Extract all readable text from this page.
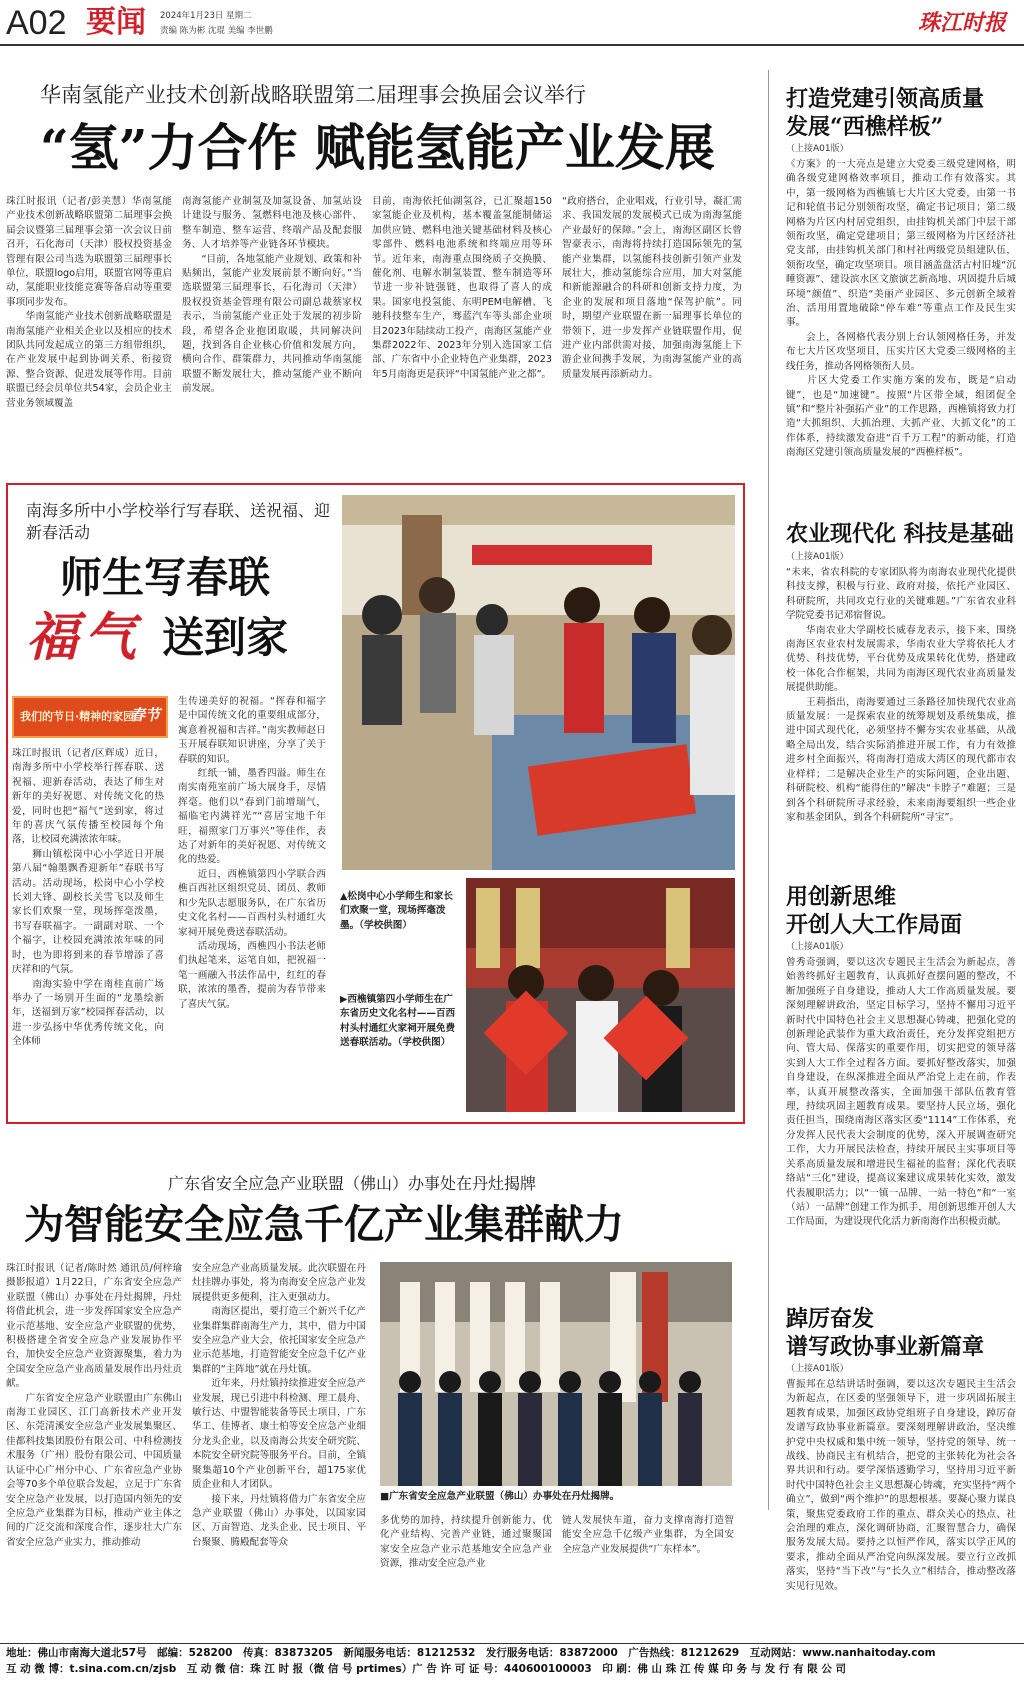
A02 要闻 2024年1月23日 星期二
责编 陈为彬 沈琨 美编 李世鹏	珠江时报
华南氢能产业技术创新战略联盟第二届理事会换届会议举行
“氢”力合作 赋能氢能产业发展
珠江时报讯（记者/彭美慧）华南氢能产业技术创新战略联盟第二届理事会换届会议暨第三届理事会第一次会议日前召开，石化海司（天津）股权投资基金管理有限公司当选为联盟第三届理事长单位，联盟logo启用，联盟官网等重启动，氢能职业技能竞赛等备启动等重要事项同步发布。
　　华南氢能产业技术创新战略联盟是南海氢能产业相关企业以及相应的技术团队共同发起成立的第三方组带组织，在产业发展中起到协调关系、衔接资源、整合资源、促进发展等作用。目前联盟已经会员单位共54家，会员企业主营业务领域覆盖
南海氢能产业制氢及加氢设备、加氢站设计建设与服务、氢燃料电池及核心部件、整车制造、整车运营、终端产品及配套服务、人才培养等产业链各环节模块。
　　“目前，各地氢能产业规划、政策和补贴频出，氢能产业发展前景不断向好。”当选联盟第三届理事长，石化海司（天津）股权投资基金管理有限公司副总裁蔡家权表示，当前氢能产业正处于发展的初步阶段，希望各企业抱团取暖，共同解决问题，找到各自企业核心价值和发展方向，横向合作、群策群力，共同推动华南氢能联盟不断发展壮大，推动氢能产业不断向前发展。
目前，南海依托仙湖氢谷，已汇聚超150家氢能企业及机构，基本覆盖氢能制储运加供应链、燃料电池关键基础材料及核心零部件、燃料电池系统和终端应用等环节。近年来，南海重点围绕质子交换膜、催化剂、电解水制氢装置、整车制造等环节进一步补链强链，也取得了喜人的成果。国家电投氢能、东明PEM电解槽、飞驰科技整车生产，骞蓝汽车等头部企业项目2023年陆续动工投产，南海区氢能产业集群2022年、2023年分别入选国家工信部、广东省中小企业特色产业集群，2023年5月南海更是获评“中国氢能产业之都”。
“政府搭台，企业唱戏，行业引导，凝汇需求、我国发展的发展模式已成为南海氢能产业最好的保障。”会上，南海区副区长曾智豪表示，南海将持续打造国际领先的氢能产业集群，以氢能科技创新引领产业发展壮大，推动氢能综合应用，加大对氢能和新能源融合的科研和创新支持力度，为企业的发展和项目落地“保驾护航”。同时，期望产业联盟在新一届理事长单位的带领下，进一步发挥产业链联盟作用，促进产业内部供需对接，加强南海氢能上下游企业间携手发展，为南海氢能产业的高质量发展再添新动力。
南海多所中小学校举行写春联、送祝福、迎新春活动
师生写春联
福气 送到家
我们的节日·精神的家园
春节
珠江时报讯（记者/区辉成）近日，南海多所中小学校举行挥春联、送祝福、迎新春活动，表达了师生对新年的美好祝愿、对传统文化的热爱，同时也把“福气”送到家，将过年的喜庆气氛传播至校园每个角落，让校园充满浓浓年味。
　　狮山镇松岗中心小学近日开展第八届“翰墨飘香迎新年”春联书写活动。活动现场，松岗中心小学校长刘大锋、副校长关雪飞以及师生家长们欢聚一堂，现场挥毫泼墨，书写春联福字。一副副对联、一个个福字，让校园充满浓浓年味的同时，也为即将到来的春节增添了喜庆祥和的气氛。
　　南海实验中学在南桂直前广场举办了一场别开生面的“龙墨绘新年，送福到万家”校园挥春活动，以进一步弘扬中华优秀传统文化，向全体师
生传递美好的祝福。“挥春和福字是中国传统文化的重要组成部分，寓意着祝福和吉祥。”南实教师赵日玉开展春联知识讲座，分享了关于春联的知识。
　　红纸一铺，墨香四溢。师生在南实南苑室前广场大展身手，尽情挥毫。他们以“春到门前增瑞气，福临宅内满祥光”“喜居宝地千年旺，福照家门万事兴”等佳作，表达了对新年的美好祝愿、对传统文化的热爱。
　　近日，西樵镇第四小学联合西樵百西社区组织党员、团员、教师和少先队志愿服务队，在广东省历史文化名村——百西村头村通红火家祠开展免费送春联活动。
　　活动现场，西樵四小书法老师们执起笔来，运笔自如，把祝福一笔一画融入书法作品中，红红的春联，浓浓的墨香，提前为春节带来了喜庆气氛。
▲松岗中心小学师生和家长们欢聚一堂，现场挥毫泼墨。（学校供图）
▶西樵镇第四小学师生在广东省历史文化名村——百西村头村通红火家祠开展免费送春联活动。（学校供图）
广东省安全应急产业联盟（佛山）办事处在丹灶揭牌
为智能安全应急千亿产业集群献力
珠江时报讯（记者/陈时然 通讯员/何梓瑜 摄影报道）1月22日，广东省安全应急产业联盟（佛山）办事处在丹灶揭牌，丹灶将借此机会，进一步发挥国家安全应急产业示范基地、安全应急产业联盟的优势，积极搭建全省安全应急产业发展协作平台，加快安全应急产业资源聚集，着力为全国安全应急产业高质量发展作出丹灶贡献。
　　广东省安全应急产业联盟由广东佛山南海工业园区、江门高新技术产业开发区、东莞清溪安全应急产业发展集聚区、佳都科技集团股份有限公司、中科检测技术服务（广州）股份有限公司、中国质量认证中心广州分中心、广东省应急产业协会等70多个单位联合发起，立足于广东省安全应急产业发展，以打造国内领先的安全应急产业集群为目标，推动产业主体之间的广泛交流和深度合作，逐步壮大广东省安全应急产业实力，推动推动
安全应急产业高质量发展。此次联盟在丹灶挂牌办事处，将为南海安全应急产业发展提供更多便利，注入更强动力。
　　南海区提出，要打造三个新兴千亿产业集群集群南海生产力，其中，借力中国安全应急产业大会，依托国家安全应急产业示范基地，打造智能安全应急千亿产业集群的“主阵地”就在丹灶镇。
　　近年来，丹灶镇持续推进安全应急产业发展，现已引进中科检测、理工晨舟、敏行达、中盟智能装备等民士项目，广东华工、佳博者、康士柏等安全应急产业细分龙头企业，以及南海公共安全研究院、本院安全研究院等服务平台。目前，全镇聚集超10个产业创新平台，超175家优质企业和人才团队。
　　接下来，丹灶镇将借力广东省安全应急产业联盟（佛山）办事处，以国家园区、万亩智造、龙头企业、民士项目、平台聚聚、腾殿配套等众
■广东省安全应急产业联盟（佛山）办事处在丹灶揭牌。
多优势的加持，持续提升创新能力、优化产业结构、完善产业链，通过聚聚国家安全应急产业示范基地安全应急产业资源，推动安全应急产业
链人发展快车道，奋力支撑南海打造智能安全应急千亿级产业集群，为全国安全应急产业发展提供“广东样本”。
打造党建引领高质量
发展“西樵样板”
（上接A01版）
《方案》的一大亮点是建立大党委三级党建网格，明确各级党建网格效率项目，推动工作有效落实。其中，第一级网格为西樵镇七大片区大党委，由第一书记和轮值书记分别领衔攻坚，确定书记项目；第二级网格为片区内村居党组织，由挂钩机关部门中层干部领衔攻坚，确定党建项目；第三级网格为片区经济社党支部，由挂钩机关部门和村社两级党员组建队伍，领衔攻坚，确定攻坚项目。项目涵盖盘活古村旧墟“沉睡资源”、建设滨水区文旅演艺新高地、巩固提升后城环境“颜值”、织造“美丽产业园区、多元创新全域着治、活用用置地破除“停车难”等重点工作及民生实事。
　　会上，各网格代表分别上台认领网格任务，并发布七大片区攻坚项目，压实片区大党委三级网格的主线任务，推动各网格领衔人员。
　　片区大党委工作实施方案的发布，既是“启动键”，也是“加速键”。按照“片区带全域，组团促全镇”和“整片补强拓产业”的工作思路，西樵镇将致力打造“大抓组织、大抓治理、大抓产业、大抓文化”的工作体系，持续激发奋进“百千万工程”的新动能，打造南海区党建引领高质量发展的“西樵样板”。
农业现代化 科技是基础
（上接A01版）
“未来，省农科院的专家团队将为南海农业现代化提供科技支撑，积极与行业、政府对接，依托产业园区、科研院所，共同攻克行业的关键难题。”广东省农业科学院党委书记邓宿督说。
　　华南农业大学副校长威春龙表示，接下来，围绕南海区农业农村发展需求，华南农业大学将依托人才优势、科技优势，平台优势及成果转化优势，搭建政校一体化合作框架，共同为南海区现代农业高质量发展提供助能。
　　王莉指出，南海要通过三条路径加快现代农业高质量发展：一是探索农业的统筹规划及系统集成，推进中国式现代化，必须坚持不懈夯实农业基础，从战略全局出发，结合实际消推进开展工作，有力有效推进乡村全面振兴，将南海打造成大湾区的现代都市农业样样；二是解决企业生产的实际问题，企业出题、科研院校、机构“能得住的”解决“卡脖子”难题；三是到各个科研院所寻求经验，未来南海要组织一些企业家和基金团队，到各个科研院所“寻宝”。
用创新思维
开创人大工作局面
（上接A01版）
曾秀奇强调，要以这次专题民主生活会为新起点，善始善终抓好主题教育，认真抓好查摆问题的整改，不断加强班子自身建设，推动人大工作高质量发展。要深刻理解讲政治，坚定目标学习，坚持不懈用习近平新时代中国特色社会主义思想凝心铸魂，把强化党的创新理论武装作为重大政治责任，充分发挥党组把方向、管大局、保落实的重要作用，切实把党的领导落实到人大工作全过程各方面。要抓好整改落实，加强自身建设，在纵深推进全面从严治党上走在前，作表率，认真开展整改落实，全面加强干部队伍教育管理，持续巩固主题教育成果。要坚持人民立场，强化责任担当，围绕南海区落实区委“1114”工作体系，充分发挥人民代表大会制度的优势，深入开展调查研究工作，大力开展民法检查，持续开展民主实事项目等关系高质量发展和增进民生福祉的监督；深化代表联络站“三化”建设，提高议案建议成果转化实效，激发代表履职活力；以“一镇一品牌、一站一特色”和“一室（站）一品牌”创建工作为抓手，用创新思维开创人大工作局面，为建设现代化活力新南海作出积极贡献。
踔厉奋发
谱写政协事业新篇章
（上接A01版）
曹振邦在总结讲话时强调，要以这次专题民主生活会为新起点，在区委的坚强领导下，进一步巩固拓展主题教育成果，加强区政协党组班子自身建设，踔厉奋发谱写政协事业新篇章。要深刻理解讲政治，坚决维护党中央权威和集中统一领导，坚持党的领导、统一战线、协商民主有机结合，把党的主张转化为社会各界共识和行动。要学深悟透勤学习，坚持用习近平新时代中国特色社会主义思想凝心铸魂，充实坚持“两个确立”，做到“两个维护”的思想根基。要凝心聚力谋良策，聚焦党委政府工作的重点、群众关心的热点、社会治理的难点，深化调研协商，汇聚智慧合力，确保服务发展大局。要持之以恒严作风，落实以学正风的要求，推动全面从严治党向纵深发展。要立行立改抓落实，坚持“当下改”与“长久立”相结合，推动整改落实见行见效。
地址：佛山市南海大道北57号　邮编：528200　传真：83873205　新闻服务电话：81212532　发行服务电话：83872000　广告热线：81212629　互动网站：www.nanhaitoday.com
互 动 微 博：t.sina.com.cn/zjsb　互 动 微 信：珠 江 时 报（微 信 号 prtimes）广 告 许 可 证 号：440600100003　印 刷：佛 山 珠 江 传 媒 印 务 与 发 行 有 限 公 司
